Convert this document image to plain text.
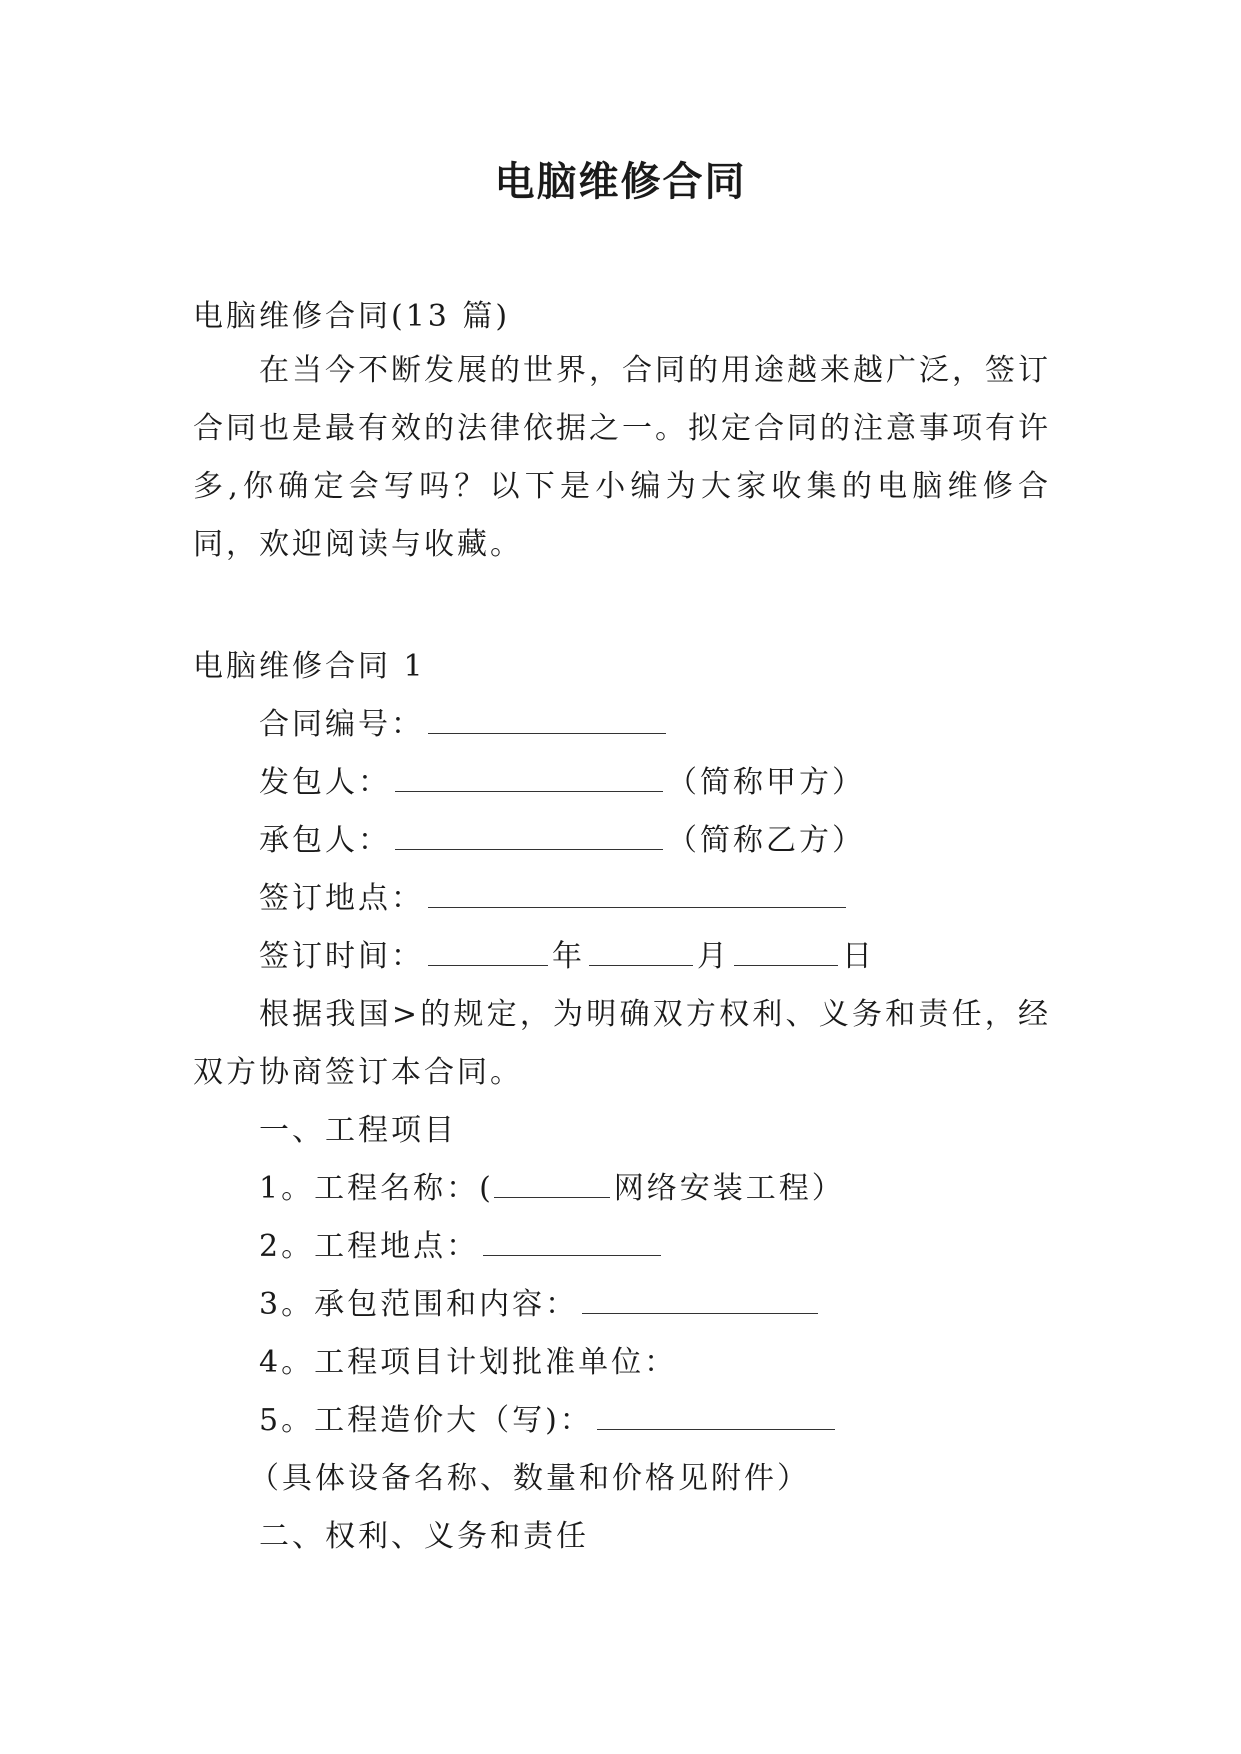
电脑维修合同

电脑维修合同(13 篇)

在当今不断发展的世界，合同的用途越来越广泛，签订合同也是最有效的法律依据之一。拟定合同的注意事项有许多,你确定会写吗？以下是小编为大家收集的电脑维修合同，欢迎阅读与收藏。

电脑维修合同 1

合同编号：

发包人：	（简称甲方）

承包人：	（简称乙方）

签订地点：

签订时间：	年	月	日

根据我国>的规定，为明确双方权利、义务和责任，经双方协商签订本合同。

一、工程项目

1。工程名称：(	网络安装工程）

2。工程地点：

3。承包范围和内容：

4。工程项目计划批准单位：

5。工程造价大（写)：

（具体设备名称、数量和价格见附件）

二、权利、义务和责任
